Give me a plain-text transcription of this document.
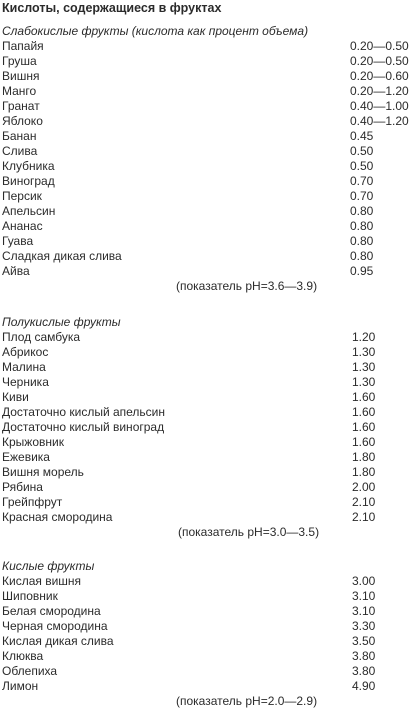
Кислоты, содержащиеся в фруктах
Слабокислые фрукты (кислота как процент объема)
Папайя	0.20—0.50
Груша	0.20—0.50
Вишня	0.20—0.60
Манго	0.20—1.20
Гранат	0.40—1.00
Яблоко	0.40—1.20
Банан	0.45
Слива	0.50
Клубника	0.50
Виноград	0.70
Персик	0.70
Апельсин	0.80
Ананас	0.80
Гуава	0.80
Сладкая дикая слива	0.80
Айва	0.95
(показатель pH=3.6—3.9)
Полукислые фрукты
Плод самбука	1.20
Абрикос	1.30
Малина	1.30
Черника	1.30
Киви	1.60
Достаточно кислый апельсин	1.60
Достаточно кислый виноград	1.60
Крыжовник	1.60
Ежевика	1.80
Вишня морель	1.80
Рябина	2.00
Грейпфрут	2.10
Красная смородина	2.10
(показатель pH=3.0—3.5)
Кислые фрукты
Кислая вишня	3.00
Шиповник	3.10
Белая смородина	3.10
Черная смородина	3.30
Кислая дикая слива	3.50
Клюква	3.80
Облепиха	3.80
Лимон	4.90
(показатель pH=2.0—2.9)
